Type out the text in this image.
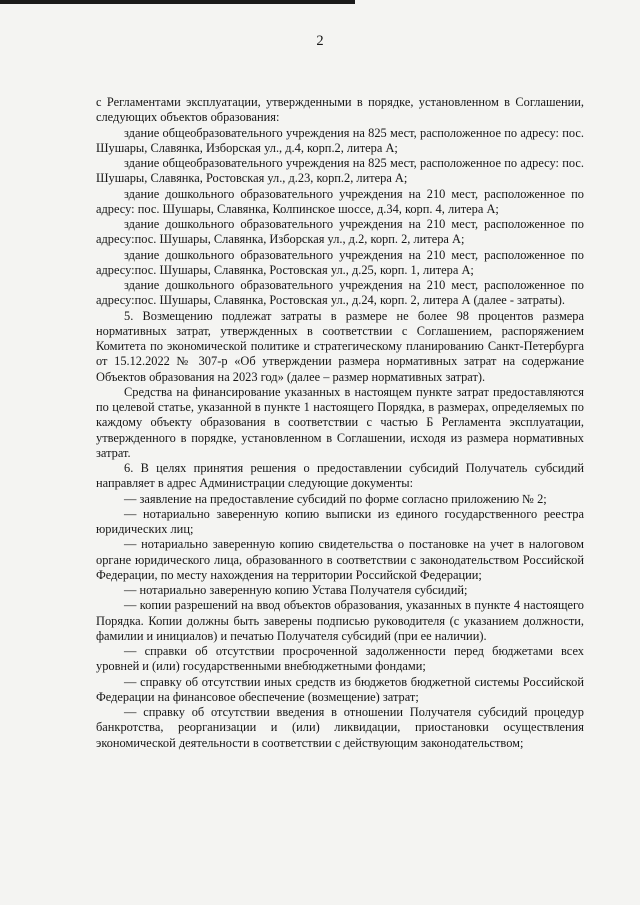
2

с Регламентами эксплуатации, утвержденными в порядке, установленном в Соглашении, следующих объектов образования:

здание общеобразовательного учреждения на 825 мест, расположенное по адресу: пос. Шушары, Славянка, Изборская ул., д.4, корп.2, литера А;

здание общеобразовательного учреждения на 825 мест, расположенное по адресу: пос. Шушары, Славянка, Ростовская ул., д.23, корп.2, литера А;

здание дошкольного образовательного учреждения на 210 мест, расположенное по адресу: пос. Шушары, Славянка, Колпинское шоссе, д.34, корп. 4, литера А;

здание дошкольного образовательного учреждения на 210 мест, расположенное по адресу:пос. Шушары, Славянка, Изборская ул., д.2, корп. 2, литера А;

здание дошкольного образовательного учреждения на 210 мест, расположенное по адресу:пос. Шушары, Славянка, Ростовская ул., д.25, корп. 1, литера А;

здание дошкольного образовательного учреждения на 210 мест, расположенное по адресу:пос. Шушары, Славянка, Ростовская ул., д.24, корп. 2, литера А (далее - затраты).

5. Возмещению подлежат затраты в размере не более 98 процентов размера нормативных затрат, утвержденных в соответствии с Соглашением, распоряжением Комитета по экономической политике и стратегическому планированию Санкт-Петербурга от 15.12.2022 № 307-р «Об утверждении размера нормативных затрат на содержание Объектов образования на 2023 год» (далее – размер нормативных затрат).

Средства на финансирование указанных в настоящем пункте затрат предоставляются по целевой статье, указанной в пункте 1 настоящего Порядка, в размерах, определяемых по каждому объекту образования в соответствии с частью Б Регламента эксплуатации, утвержденного в порядке, установленном в Соглашении, исходя из размера нормативных затрат.

6. В целях принятия решения о предоставлении субсидий Получатель субсидий направляет в адрес Администрации следующие документы:

— заявление на предоставление субсидий по форме согласно приложению № 2;

— нотариально заверенную копию выписки из единого государственного реестра юридических лиц;

— нотариально заверенную копию свидетельства о постановке на учет в налоговом органе юридического лица, образованного в соответствии с законодательством Российской Федерации, по месту нахождения на территории Российской Федерации;

— нотариально заверенную копию Устава Получателя субсидий;

— копии разрешений на ввод объектов образования, указанных в пункте 4 настоящего Порядка. Копии должны быть заверены подписью руководителя (с указанием должности, фамилии и инициалов) и печатью Получателя субсидий (при ее наличии).

— справки об отсутствии просроченной задолженности перед бюджетами всех уровней и (или) государственными внебюджетными фондами;

— справку об отсутствии иных средств из бюджетов бюджетной системы Российской Федерации на финансовое обеспечение (возмещение) затрат;

— справку об отсутствии введения в отношении Получателя субсидий процедур банкротства, реорганизации и (или) ликвидации, приостановки осуществления экономической деятельности в соответствии с действующим законодательством;
